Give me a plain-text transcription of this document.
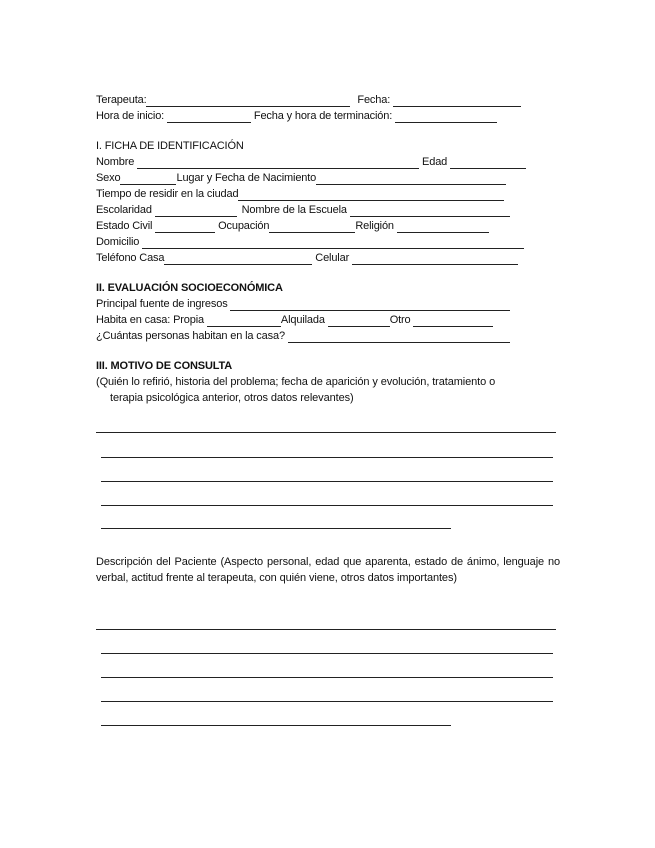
Terapeuta:	Fecha:
Hora de inicio:	Fecha y hora de terminación:
I. FICHA DE IDENTIFICACIÓN
Nombre	Edad
Sexo	Lugar y Fecha de Nacimiento
Tiempo de residir en la ciudad
Escolaridad	Nombre de la Escuela
Estado Civil	Ocupación	Religión
Domicilio
Teléfono Casa	Celular
II. EVALUACIÓN SOCIOECONÓMICA
Principal fuente de ingresos
Habita en casa: Propia	Alquilada	Otro
¿Cuántas personas habitan en la casa?
III. MOTIVO DE CONSULTA
(Quién lo refirió, historia del problema; fecha de aparición y evolución, tratamiento o
terapia psicológica anterior, otros datos relevantes)
Descripción del Paciente (Aspecto personal, edad que aparenta, estado de ánimo, lenguaje no verbal, actitud frente al terapeuta, con quién viene, otros datos importantes)
